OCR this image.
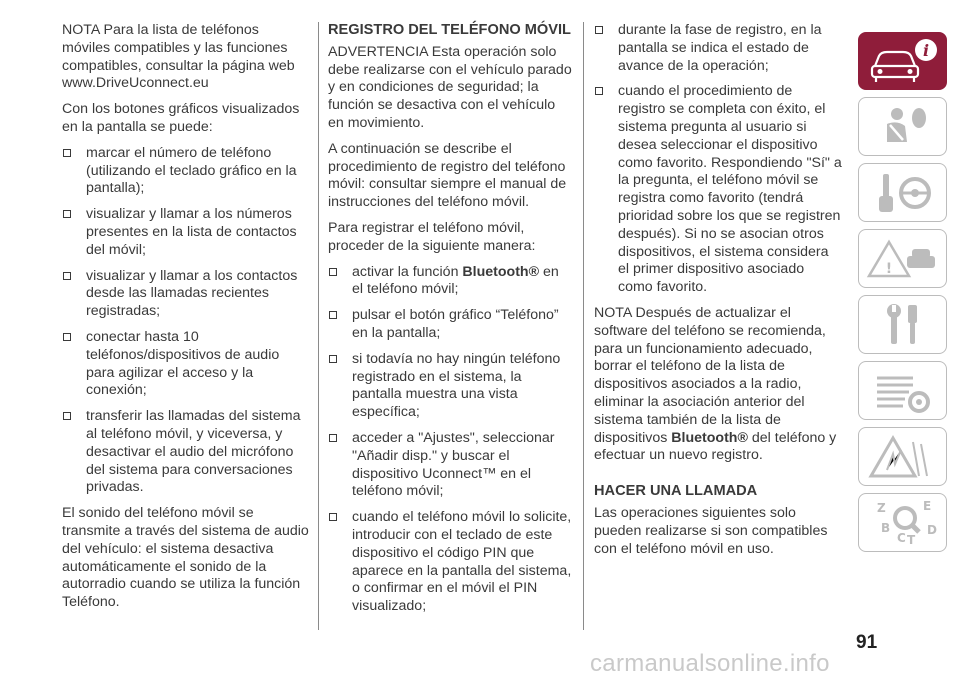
NOTA Para la lista de teléfonos móviles compatibles y las funciones compatibles, consultar la página web www.DriveUconnect.eu

Con los botones gráficos visualizados en la pantalla se puede:

marcar el número de teléfono (utilizando el teclado gráfico en la pantalla);
visualizar y llamar a los números presentes en la lista de contactos del móvil;
visualizar y llamar a los contactos desde las llamadas recientes registradas;
conectar hasta 10 teléfonos/dispositivos de audio para agilizar el acceso y la conexión;
transferir las llamadas del sistema al teléfono móvil, y viceversa, y desactivar el audio del micrófono del sistema para conversaciones privadas.

El sonido del teléfono móvil se transmite a través del sistema de audio del vehículo: el sistema desactiva automáticamente el sonido de la autorradio cuando se utiliza la función Teléfono.

REGISTRO DEL TELÉFONO MÓVIL

ADVERTENCIA Esta operación solo debe realizarse con el vehículo parado y en condiciones de seguridad; la función se desactiva con el vehículo en movimiento.

A continuación se describe el procedimiento de registro del teléfono móvil: consultar siempre el manual de instrucciones del teléfono móvil.

Para registrar el teléfono móvil, proceder de la siguiente manera:

activar la función Bluetooth® en el teléfono móvil;
pulsar el botón gráfico “Teléfono” en la pantalla;
si todavía no hay ningún teléfono registrado en el sistema, la pantalla muestra una vista específica;
acceder a "Ajustes", seleccionar "Añadir disp." y buscar el dispositivo Uconnect™ en el teléfono móvil;
cuando el teléfono móvil lo solicite, introducir con el teclado de este dispositivo el código PIN que aparece en la pantalla del sistema, o confirmar en el móvil el PIN visualizado;
durante la fase de registro, en la pantalla se indica el estado de avance de la operación;
cuando el procedimiento de registro se completa con éxito, el sistema pregunta al usuario si desea seleccionar el dispositivo como favorito. Respondiendo "Sí" a la pregunta, el teléfono móvil se registra como favorito (tendrá prioridad sobre los que se registren después). Si no se asocian otros dispositivos, el sistema considera el primer dispositivo asociado como favorito.

NOTA Después de actualizar el software del teléfono se recomienda, para un funcionamiento adecuado, borrar el teléfono de la lista de dispositivos asociados a la radio, eliminar la asociación anterior del sistema también de la lista de dispositivos Bluetooth® del teléfono y efectuar un nuevo registro.

HACER UNA LLAMADA

Las operaciones siguientes solo pueden realizarse si son compatibles con el teléfono móvil en uso.

i
!
Z	E
B
C T
D
91
carmanualsonline.info
